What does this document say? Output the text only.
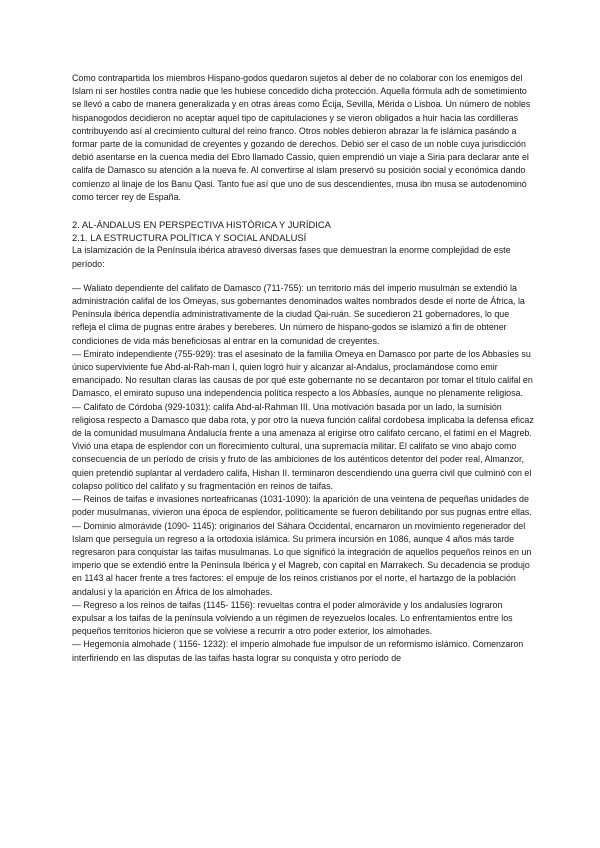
Como contrapartida los miembros Hispano-godos quedaron sujetos al deber de no colaborar con los enemigos del Islam ni ser hostiles contra nadie que les hubiese concedido dicha protección. Aquella fórmula adh de sometimiento se llevó a cabo de manera generalizada y en otras áreas como Écija, Sevilla, Mérida o Lisboa. Un número de nobles hispanogodos decidieron no aceptar aquel tipo de capitulaciones y se vieron obligados a huir hacia las cordilleras contribuyendo así al crecimiento cultural del reino franco. Otros nobles debieron abrazar la fe islámica pasándo a formar parte de la comunidad de creyentes y gozando de derechos. Debió ser el caso de un noble cuya jurisdicción debió asentarse en la cuenca media del Ebro llamado Cassio, quien emprendió un viaje a Siria para declarar ante el califa de Damasco su atención a la nueva fe. Al convertirse al islam preservó su posición social y económica dando comienzo al linaje de los Banu Qasi. Tanto fue así que uno de sus descendientes, musa ibn musa se autodenominó como tercer rey de España.

2. AL-ÁNDALUS EN PERSPECTIVA HISTÓRICA Y JURÍDICA

2.1. LA ESTRUCTURA POLÍTICA Y SOCIAL ANDALUSÍ

La islamización de la Península ibérica atravesó diversas fases que demuestran la enorme complejidad de este período:

— Waliato dependiente del califato de Damasco (711-755): un territorio más del imperio musulmán se extendió la administración califal de los Omeyas, sus gobernantes denominados waltes nombrados desde el norte de África, la Península ibérica dependía administrativamente de la ciudad Qai-ruán. Se sucedieron 21 gobernadores, lo que refleja el clima de pugnas entre árabes y bereberes. Un número de hispano-godos se islamizó a fin de obtener condiciones de vida más beneficiosas al entrar en la comunidad de creyentes.

— Emirato independiente (755-929): tras el asesinato de la familia Omeya en Damasco por parte de los Abbasíes su único superviviente fue Abd-al-Rah-man I, quien logró huir y alcanzar al-Andalus, proclamándose como emir emancipado. No resultan claras las causas de por qué este gobernante no se decantaron por tomar el título califal en Damasco, el emirato supuso una independencia política respecto a los Abbasíes, aunque no plenamente religiosa.

— Califato de Córdoba (929-1031): califa Abd-al-Rahman III. Una motivación basada por un lado, la sumisión religiosa respecto a Damasco que daba rota, y por otro la nueva función califal cordobesa implicaba la defensa eficaz de la comunidad musulmana Andalucía frente a una amenaza al erigirse otro califato cercano, el fatimí en el Magreb. Vivió una etapa de esplendor con un florecimiento cultural, una supremacía militar. El califato se vino abajo como consecuencia de un período de crisis y fruto de las ambiciones de los auténticos detentor del poder real, Almanzor, quien pretendió suplantar al verdadero califa, Hishan II. terminaron descendiendo una guerra civil que culminó con el colapso político del califato y su fragmentación en reinos de taifas.

— Reinos de taifas e invasiones norteafricanas (1031-1090): la aparición de una veintena de pequeñas unidades de poder musulmanas, vivieron una época de esplendor, políticamente se fueron debilitando por sus pugnas entre ellas.

— Dominio almorávide (1090- 1145): originarios del Sáhara Occidental, encarnaron un movimiento regenerador del Islam que perseguía un regreso a la ortodoxia islámica. Su primera incursión en 1086, aunque 4 años más tarde regresaron para conquistar las taifas musulmanas. Lo que significó la integración de aquellos pequeños reinos en un imperio que se extendió entre la Península Ibérica y el Magreb, con capital en Marrakech. Su decadencia se produjo en 1143 al hacer frente a tres factores: el empuje de los reinos cristianos por el norte, el hartazgo de la población andalusí y la aparición en África de los almohades.

— Regreso a los reinos de taifas (1145- 1156): revueltas contra el poder almorávide y los andalusíes lograron expulsar a los taifas de la península volviendo a un régimen de reyezuelos locales. Lo enfrentamientos entre los pequeños territorios hicieron que se volviese a recurrir a otro poder exterior, los almohades.

— Hegemonía almohade ( 1156- 1232): el imperio almohade fue impulsor de un reformismo islámico. Comenzaron interfiriendo en las disputas de las taifas hasta lograr su conquista y otro período de
